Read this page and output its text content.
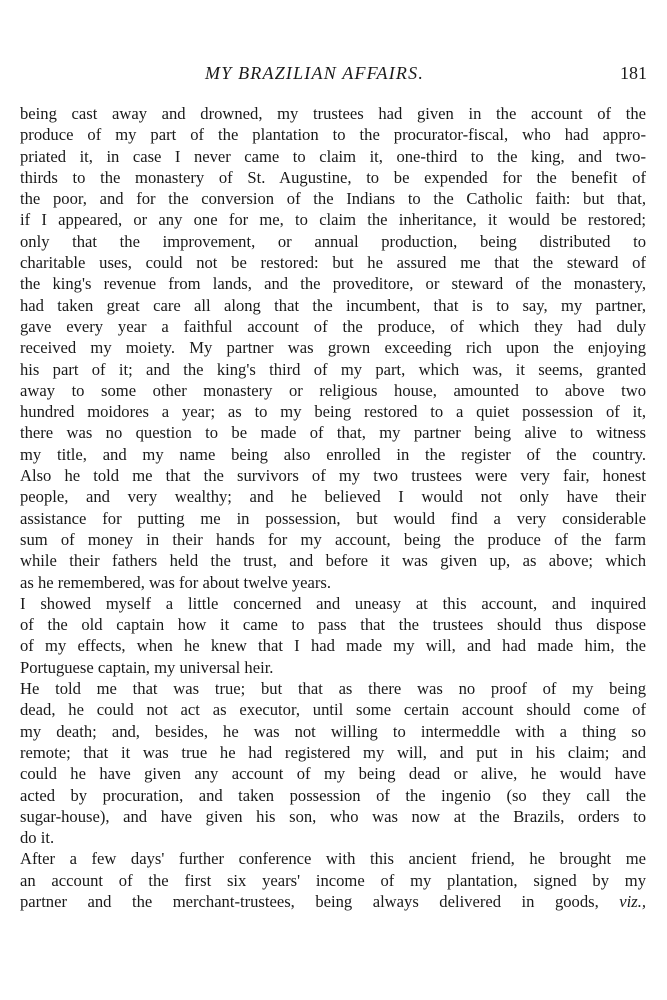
MY BRAZILIAN AFFAIRS.	181
being cast away and drowned, my trustees had given in the account of the
produce of my part of the plantation to the procurator-fiscal, who had appro-
priated it, in case I never came to claim it, one-third to the king, and two-
thirds to the monastery of St. Augustine, to be expended for the benefit of
the poor, and for the conversion of the Indians to the Catholic faith: but that,
if I appeared, or any one for me, to claim the inheritance, it would be restored;
only that the improvement, or annual production, being distributed to
charitable uses, could not be restored: but he assured me that the steward of
the king's revenue from lands, and the proveditore, or steward of the monastery,
had taken great care all along that the incumbent, that is to say, my partner,
gave every year a faithful account of the produce, of which they had duly
received my moiety. My partner was grown exceeding rich upon the enjoying
his part of it; and the king's third of my part, which was, it seems, granted
away to some other monastery or religious house, amounted to above two
hundred moidores a year; as to my being restored to a quiet possession of it,
there was no question to be made of that, my partner being alive to witness
my title, and my name being also enrolled in the register of the country.
Also he told me that the survivors of my two trustees were very fair, honest
people, and very wealthy; and he believed I would not only have their
assistance for putting me in possession, but would find a very considerable
sum of money in their hands for my account, being the produce of the farm
while their fathers held the trust, and before it was given up, as above; which
as he remembered, was for about twelve years.
I showed myself a little concerned and uneasy at this account, and inquired
of the old captain how it came to pass that the trustees should thus dispose
of my effects, when he knew that I had made my will, and had made him, the
Portuguese captain, my universal heir.
He told me that was true; but that as there was no proof of my being
dead, he could not act as executor, until some certain account should come of
my death; and, besides, he was not willing to intermeddle with a thing so
remote; that it was true he had registered my will, and put in his claim; and
could he have given any account of my being dead or alive, he would have
acted by procuration, and taken possession of the ingenio (so they call the
sugar-house), and have given his son, who was now at the Brazils, orders to
do it.
After a few days' further conference with this ancient friend, he brought me
an account of the first six years' income of my plantation, signed by my
partner and the merchant-trustees, being always delivered in goods, viz.,
